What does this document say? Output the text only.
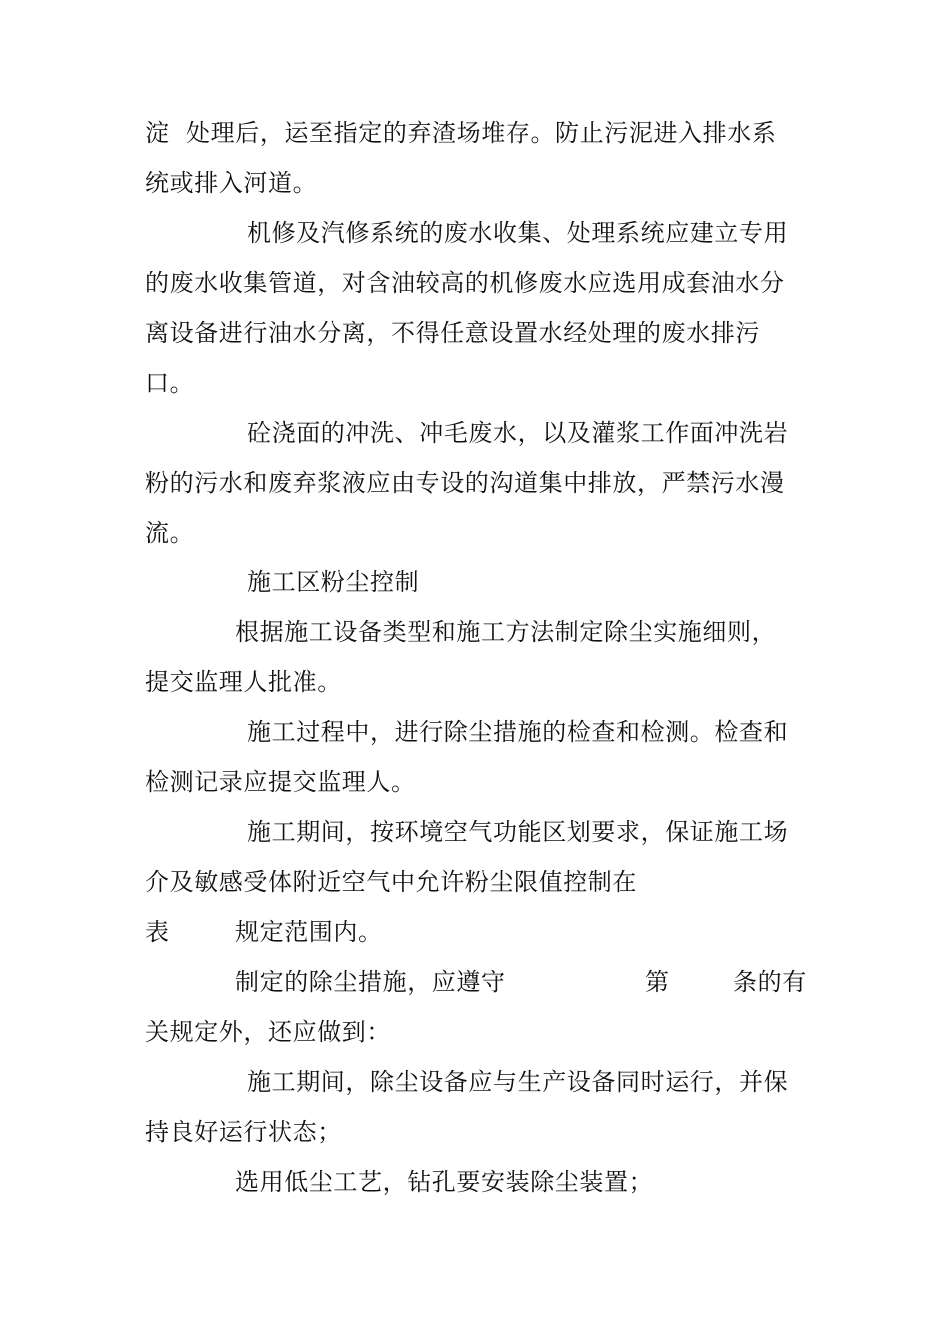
淀  处理后，运至指定的弃渣场堆存。防止污泥进入排水系
统或排入河道。
机修及汽修系统的废水收集、处理系统应建立专用
的废水收集管道，对含油较高的机修废水应选用成套油水分
离设备进行油水分离，不得任意设置水经处理的废水排污
口。
砼浇面的冲洗、冲毛废水，以及灌浆工作面冲洗岩
粉的污水和废弃浆液应由专设的沟道集中排放，严禁污水漫
流。
施工区粉尘控制
根据施工设备类型和施工方法制定除尘实施细则，
提交监理人批准。
施工过程中，进行除尘措施的检查和检测。检查和
检测记录应提交监理人。
施工期间，按环境空气功能区划要求，保证施工场
介及敏感受体附近空气中允许粉尘限值控制在
表	规定范围内。
制定的除尘措施，应遵守	第	条的有
关规定外，还应做到：
施工期间，除尘设备应与生产设备同时运行，并保
持良好运行状态；
选用低尘工艺，钻孔要安装除尘装置；
